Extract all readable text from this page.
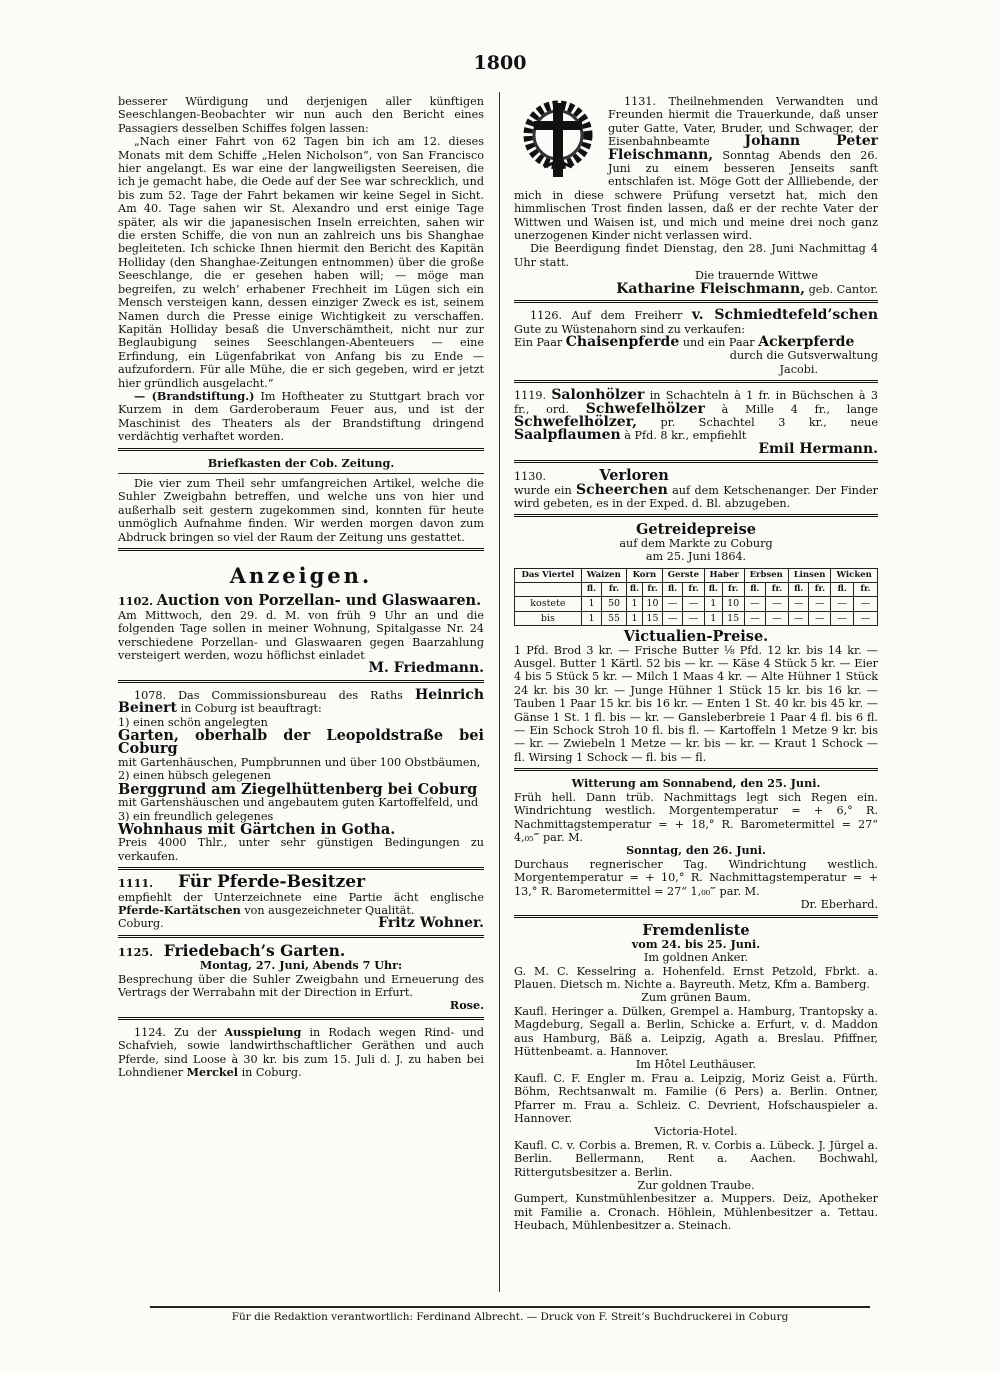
1800

besserer Würdigung und derjenigen aller künftigen Seeschlangen-Beobachter wir nun auch den Bericht eines Passagiers desselben Schiffes folgen lassen:

„Nach einer Fahrt von 62 Tagen bin ich am 12. dieses Monats mit dem Schiffe „Helen Nicholson“, von San Francisco hier angelangt. Es war eine der langweiligsten Seereisen, die ich je gemacht habe, die Oede auf der See war schrecklich, und bis zum 52. Tage der Fahrt bekamen wir keine Segel in Sicht. Am 40. Tage sahen wir St. Alexandro und erst einige Tage später, als wir die japanesischen Inseln erreichten, sahen wir die ersten Schiffe, die von nun an zahlreich uns bis Shanghae begleiteten. Ich schicke Ihnen hiermit den Bericht des Kapitän Holliday (den Shanghae-Zeitungen entnommen) über die große Seeschlange, die er gesehen haben will; — möge man begreifen, zu welch’ erhabener Frechheit im Lügen sich ein Mensch versteigen kann, dessen einziger Zweck es ist, seinem Namen durch die Presse einige Wichtigkeit zu verschaffen. Kapitän Holliday besaß die Unverschämtheit, nicht nur zur Beglaubigung seines Seeschlangen-Abenteuers — eine Erfindung, ein Lügenfabrikat von Anfang bis zu Ende — aufzufordern. Für alle Mühe, die er sich gegeben, wird er jetzt hier gründlich ausgelacht.“

— (Brandstiftung.) Im Hoftheater zu Stuttgart brach vor Kurzem in dem Garderoberaum Feuer aus, und ist der Maschinist des Theaters als der Brandstiftung dringend verdächtig verhaftet worden.

Briefkasten der Cob. Zeitung.

Die vier zum Theil sehr umfangreichen Artikel, welche die Suhler Zweigbahn betreffen, und welche uns von hier und außerhalb seit gestern zugekommen sind, konnten für heute unmöglich Aufnahme finden. Wir werden morgen davon zum Abdruck bringen so viel der Raum der Zeitung uns gestattet.

Anzeigen.

1102. Auction von Porzellan- und Glaswaaren.

Am Mittwoch, den 29. d. M. von früh 9 Uhr an und die folgenden Tage sollen in meiner Wohnung, Spitalgasse Nr. 24 verschiedene Porzellan- und Glaswaaren gegen Baarzahlung versteigert werden, wozu höflichst einladet

M. Friedmann.

1078. Das Commissionsbureau des Raths Heinrich Beinert in Coburg ist beauftragt:

1) einen schön angelegten

Garten, oberhalb der Leopoldstraße bei Coburg

mit Gartenhäuschen, Pumpbrunnen und über 100 Obstbäumen,

2) einen hübsch gelegenen

Berggrund am Ziegelhüttenberg bei Coburg

mit Gartenshäuschen und angebautem guten Kartoffelfeld, und

3) ein freundlich gelegenes

Wohnhaus mit Gärtchen in Gotha.

Preis 4000 Thlr., unter sehr günstigen Bedingungen zu verkaufen.

1111. Für Pferde-Besitzer

empfiehlt der Unterzeichnete eine Partie ächt englische Pferde-Kartätschen von ausgezeichneter Qualität.

Coburg.	Fritz Wohner.

1125. Friedebach’s Garten.

Montag, 27. Juni, Abends 7 Uhr:

Besprechung über die Suhler Zweigbahn und Erneuerung des Vertrags der Werrabahn mit der Direction in Erfurt.

Rose.

1124. Zu der Ausspielung in Rodach wegen Rind- und Schafvieh, sowie landwirthschaftlicher Geräthen und auch Pferde, sind Loose à 30 kr. bis zum 15. Juli d. J. zu haben bei Lohndiener Merckel in Coburg.

1131. Theilnehmenden Verwandten und Freunden hiermit die Trauerkunde, daß unser guter Gatte, Vater, Bruder, und Schwager, der Eisenbahnbeamte Johann Peter Fleischmann, Sonntag Abends den 26. Juni zu einem besseren Jenseits sanft entschlafen ist. Möge Gott der Allliebende, der mich in diese schwere Prüfung versetzt hat, mich den himmlischen Trost finden lassen, daß er der rechte Vater der Wittwen und Waisen ist, und mich und meine drei noch ganz unerzogenen Kinder nicht verlassen wird.

Die Beerdigung findet Dienstag, den 28. Juni Nachmittag 4 Uhr statt.

Die trauernde Wittwe

Katharine Fleischmann, geb. Cantor.

1126. Auf dem Freiherr v. Schmiedtefeld’schen Gute zu Wüstenahorn sind zu verkaufen:

Ein Paar Chaisenpferde und ein Paar Ackerpferde

durch die Gutsverwaltung

Jacobi.

1119. Salonhölzer in Schachteln à 1 fr. in Büchschen à 3 fr., ord. Schwefelhölzer à Mille 4 fr., lange Schwefelhölzer, pr. Schachtel 3 kr., neue Saalpflaumen à Pfd. 8 kr., empfiehlt

Emil Hermann.

1130.	Verloren

wurde ein Scheerchen auf dem Ketschenanger. Der Finder wird gebeten, es in der Exped. d. Bl. abzugeben.

Getreidepreise

auf dem Markte zu Coburg

am 25. Juni 1864.

Das Viertel	Waizen		Korn		Gerste		Haber		Erbsen		Linsen		Wicken	
	fl.	fr.	fl.	fr.	fl.	fr.	fl.	fr.	fl.	fr.	fl.	fr.	fl.	fr.
kostete	1	50	1	10	—	—	1	10	—	—	—	—	—	—
bis	1	55	1	15	—	—	1	15	—	—	—	—	—	—

Victualien-Preise.

1 Pfd. Brod 3 kr. — Frische Butter ⅛ Pfd. 12 kr. bis 14 kr. — Ausgel. Butter 1 Kärtl. 52 bis — kr. — Käse 4 Stück 5 kr. — Eier 4 bis 5 Stück 5 kr. — Milch 1 Maas 4 kr. — Alte Hühner 1 Stück 24 kr. bis 30 kr. — Junge Hühner 1 Stück 15 kr. bis 16 kr. — Tauben 1 Paar 15 kr. bis 16 kr. — Enten 1 St. 40 kr. bis 45 kr. — Gänse 1 St. 1 fl. bis — kr. — Gansleberbreie 1 Paar 4 fl. bis 6 fl. — Ein Schock Stroh 10 fl. bis fl. — Kartoffeln 1 Metze 9 kr. bis — kr. — Zwiebeln 1 Metze — kr. bis — kr. — Kraut 1 Schock — fl. Wirsing 1 Schock — fl. bis — fl.

Witterung am Sonnabend, den 25. Juni.

Früh hell. Dann trüb. Nachmittags legt sich Regen ein. Windrichtung westlich. Morgentemperatur = + 6,° R. Nachmittagstemperatur = + 18,° R. Barometermittel = 27“ 4,₀₅‴ par. M.

Sonntag, den 26. Juni.

Durchaus regnerischer Tag. Windrichtung westlich. Morgentemperatur = + 10,° R. Nachmittagstemperatur = + 13,° R. Barometermittel = 27“ 1,₀₀‴ par. M.

Dr. Eberhard.

Fremdenliste

vom 24. bis 25. Juni.

Im goldnen Anker.

G. M. C. Kesselring a. Hohenfeld. Ernst Petzold, Fbrkt. a. Plauen. Dietsch m. Nichte a. Bayreuth. Metz, Kfm a. Bamberg.

Zum grünen Baum.

Kaufl. Heringer a. Dülken, Grempel a. Hamburg, Trantopsky a. Magdeburg, Segall a. Berlin, Schicke a. Erfurt, v. d. Maddon aus Hamburg, Bäß a. Leipzig, Agath a. Breslau. Pfiffner, Hüttenbeamt. a. Hannover.

Im Hôtel Leuthäuser.

Kaufl. C. F. Engler m. Frau a. Leipzig, Moriz Geist a. Fürth. Böhm, Rechtsanwalt m. Familie (6 Pers) a. Berlin. Ontner, Pfarrer m. Frau a. Schleiz. C. Devrient, Hofschauspieler a. Hannover.

Victoria-Hotel.

Kaufl. C. v. Corbis a. Bremen, R. v. Corbis a. Lübeck. J. Jürgel a. Berlin. Bellermann, Rent a. Aachen. Bochwahl, Rittergutsbesitzer a. Berlin.

Zur goldnen Traube.

Gumpert, Kunstmühlenbesitzer a. Muppers. Deiz, Apotheker mit Familie a. Cronach. Höhlein, Mühlenbesitzer a. Tettau. Heubach, Mühlenbesitzer a. Steinach.

Für die Redaktion verantwortlich: Ferdinand Albrecht. — Druck von F. Streit’s Buchdruckerei in Coburg
